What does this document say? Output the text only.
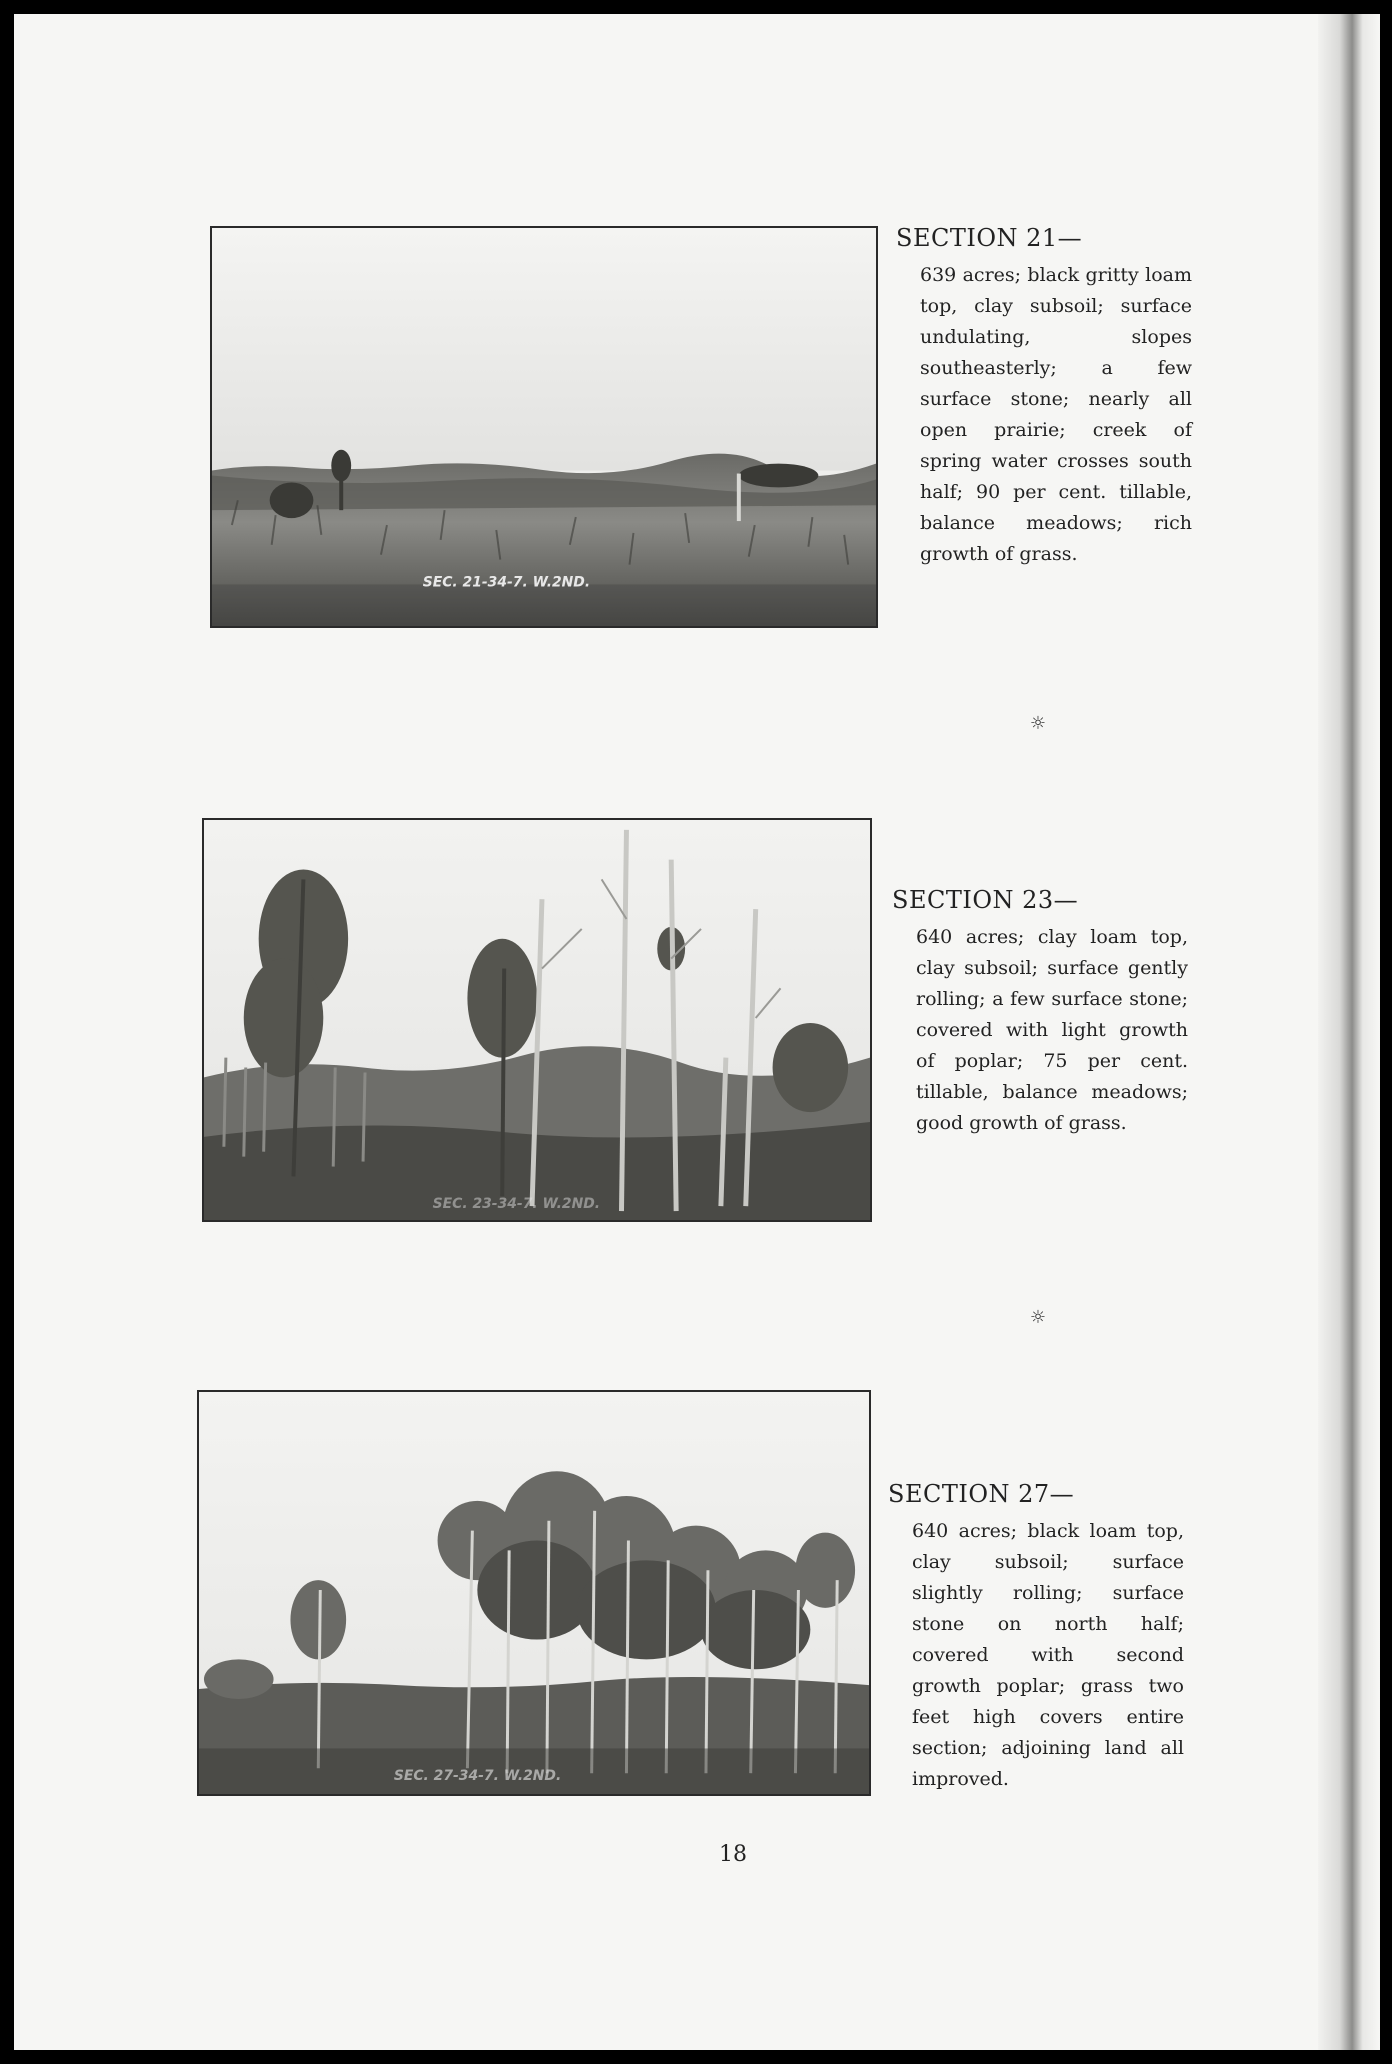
SEC. 21-34-7. W.2ND.
SECTION 21—

639 acres; black gritty loam top, clay subsoil; surface undulating, slopes southeasterly; a few surface stone; nearly all open prairie; creek of spring water crosses south half; 90 per cent. tillable, balance meadows; rich growth of grass.

☼
SEC. 23-34-7. W.2ND.
SECTION 23—

640 acres; clay loam top, clay subsoil; surface gently rolling; a few surface stone; covered with light growth of poplar; 75 per cent. tillable, balance meadows; good growth of grass.

☼
SEC. 27-34-7. W.2ND.
SECTION 27—

640 acres; black loam top, clay subsoil; surface slightly rolling; surface stone on north half; covered with second growth poplar; grass two feet high covers entire section; adjoining land all improved.

18
